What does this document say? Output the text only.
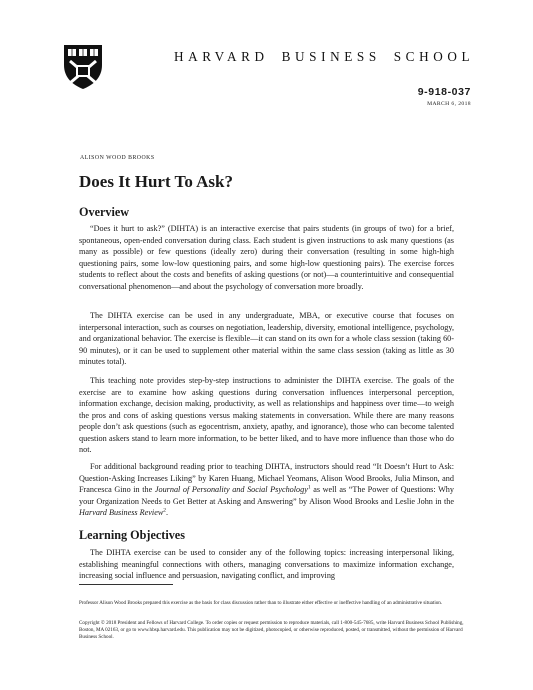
HARVARD BUSINESS SCHOOL
9-918-037
MARCH 6, 2018
ALISON WOOD BROOKS
Does It Hurt To Ask?
Overview

“Does it hurt to ask?” (DIHTA) is an interactive exercise that pairs students (in groups of two) for a brief, spontaneous, open-ended conversation during class. Each student is given instructions to ask many questions (as many as possible) or few questions (ideally zero) during their conversation (resulting in some high-high questioning pairs, some low-low questioning pairs, and some high-low questioning pairs). The exercise forces students to reflect about the costs and benefits of asking questions (or not)—a counterintuitive and consequential conversational phenomenon—and about the psychology of conversation more broadly.

The DIHTA exercise can be used in any undergraduate, MBA, or executive course that focuses on interpersonal interaction, such as courses on negotiation, leadership, diversity, emotional intelligence, psychology, and organizational behavior. The exercise is flexible—it can stand on its own for a whole class session (taking 60-90 minutes), or it can be used to supplement other material within the same class session (taking as little as 30 minutes total).

This teaching note provides step-by-step instructions to administer the DIHTA exercise. The goals of the exercise are to examine how asking questions during conversation influences interpersonal perception, information exchange, decision making, productivity, as well as relationships and happiness over time—to weigh the pros and cons of asking questions versus making statements in conversation. While there are many reasons people don’t ask questions (such as egocentrism, anxiety, apathy, and ignorance), those who can become talented question askers stand to learn more information, to be better liked, and to have more influence than those who do not.

For additional background reading prior to teaching DIHTA, instructors should read “It Doesn’t Hurt to Ask: Question-Asking Increases Liking” by Karen Huang, Michael Yeomans, Alison Wood Brooks, Julia Minson, and Francesca Gino in the Journal of Personality and Social Psychology$^1$ as well as “The Power of Questions: Why your Organization Needs to Get Better at Asking and Answering” by Alison Wood Brooks and Leslie John in the Harvard Business Review$^2$.

Learning Objectives

The DIHTA exercise can be used to consider any of the following topics: increasing interpersonal liking, establishing meaningful connections with others, managing conversations to maximize information exchange, increasing social influence and persuasion, navigating conflict, and improving

Professor Alison Wood Brooks prepared this exercise as the basis for class discussion rather than to illustrate either effective or ineffective handling of an administrative situation.

Copyright © 2018 President and Fellows of Harvard College. To order copies or request permission to reproduce materials, call 1-800-545-7685, write Harvard Business School Publishing, Boston, MA 02163, or go to www.hbsp.harvard.edu. This publication may not be digitized, photocopied, or otherwise reproduced, posted, or transmitted, without the permission of Harvard Business School.
